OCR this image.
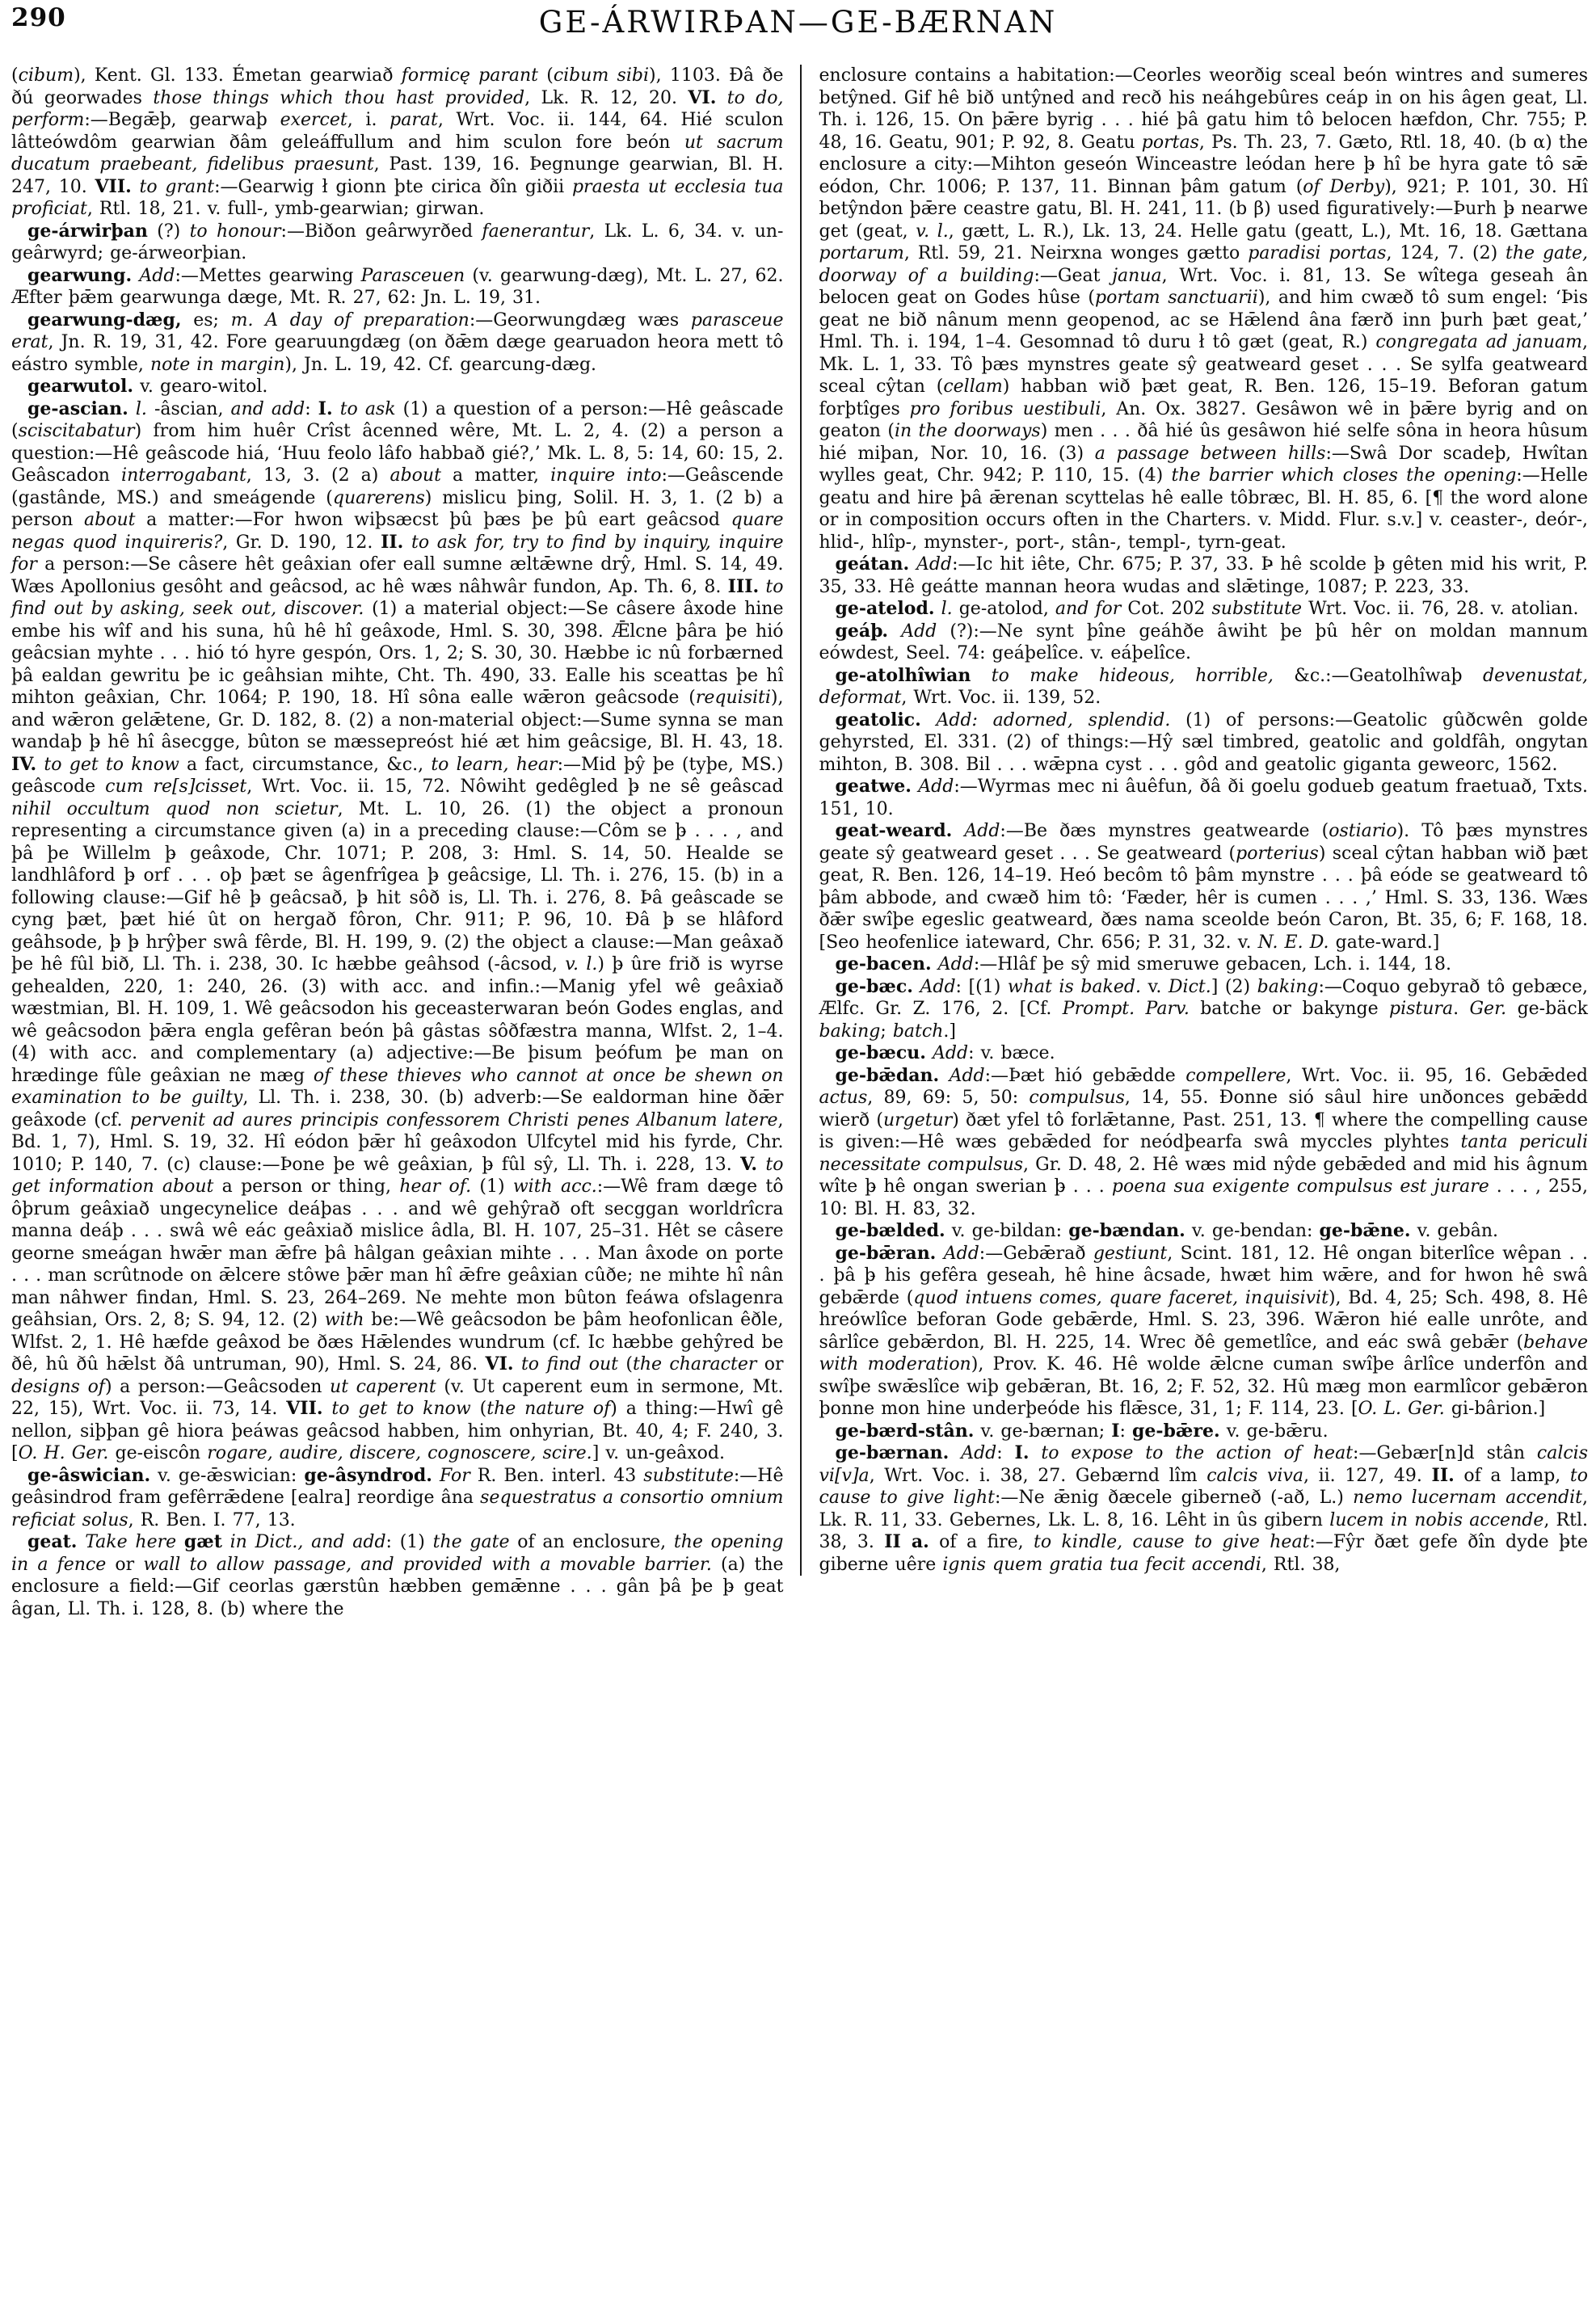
290	GE-ÁRWIRÞAN—GE-BÆRNAN

(cibum), Kent. Gl. 133. Émetan gearwiað formicę parant (cibum sibi), 1103. Ðâ ðe ðú georwades those things which thou hast provided, Lk. R. 12, 20. VI. to do, perform:—Begǣþ, gearwaþ exercet, i. parat, Wrt. Voc. ii. 144, 64. Hié sculon lâtteówdôm gearwian ðâm geleáffullum and him sculon fore beón ut sacrum ducatum praebeant, fidelibus praesunt, Past. 139, 16. Þegnunge gearwian, Bl. H. 247, 10. VII. to grant:—Gearwig ł gionn þte cirica ðîn giðii praesta ut ecclesia tua proficiat, Rtl. 18, 21. v. full-, ymb-gearwian; girwan.

ge-árwirþan (?) to honour:—Biðon geârwyrðed faenerantur, Lk. L. 6, 34. v. un-geârwyrd; ge-árweorþian.

gearwung. Add:—Mettes gearwing Parasceuen (v. gearwung-dæg), Mt. L. 27, 62. Æfter þǣm gearwunga dæge, Mt. R. 27, 62: Jn. L. 19, 31.

gearwung-dæg, es; m. A day of preparation:—Georwungdæg wæs parasceue erat, Jn. R. 19, 31, 42. Fore gearuungdæg (on ðǣm dæge gearuadon heora mett tô eástro symble, note in margin), Jn. L. 19, 42. Cf. gearcung-dæg.

gearwutol. v. gearo-witol.

ge-ascian. l. -âscian, and add: I. to ask (1) a question of a person:—Hê geâscade (sciscitabatur) from him huêr Crîst âcenned wêre, Mt. L. 2, 4. (2) a person a question:—Hê geâscode hiá, ‘Huu feolo lâfo habbað gié?,’ Mk. L. 8, 5: 14, 60: 15, 2. Geâscadon interrogabant, 13, 3. (2 a) about a matter, inquire into:—Geâscende (gastânde, MS.) and smeágende (quarerens) mislicu þing, Solil. H. 3, 1. (2 b) a person about a matter:—For hwon wiþsæcst þû þæs þe þû eart geâcsod quare negas quod inquireris?, Gr. D. 190, 12. II. to ask for, try to find by inquiry, inquire for a person:—Se câsere hêt geâxian ofer eall sumne æltǣwne drŷ, Hml. S. 14, 49. Wæs Apollonius gesôht and geâcsod, ac hê wæs nâhwâr fundon, Ap. Th. 6, 8. III. to find out by asking, seek out, discover. (1) a material object:—Se câsere âxode hine embe his wîf and his suna, hû hê hî geâxode, Hml. S. 30, 398. Ǣlcne þâra þe hió geâcsian myhte . . . hió tó hyre gespón, Ors. 1, 2; S. 30, 30. Hæbbe ic nû forbærned þâ ealdan gewritu þe ic geâhsian mihte, Cht. Th. 490, 33. Ealle his sceattas þe hî mihton geâxian, Chr. 1064; P. 190, 18. Hî sôna ealle wǣron geâcsode (requisiti), and wǣron gelǣtene, Gr. D. 182, 8. (2) a non-material object:—Sume synna se man wandaþ þ̵ hê hî âsecgge, bûton se mæssepreóst hié æt him geâcsige, Bl. H. 43, 18. IV. to get to know a fact, circumstance, &c., to learn, hear:—Mid þŷ þe (tyþe, MS.) geâscode cum re[s]cisset, Wrt. Voc. ii. 15, 72. Nôwiht gedêgled þ̵ ne sê geâscad nihil occultum quod non scietur, Mt. L. 10, 26. (1) the object a pronoun representing a circumstance given (a) in a preceding clause:—Côm se þ̵ . . . , and þâ þe Willelm þ̵ geâxode, Chr. 1071; P. 208, 3: Hml. S. 14, 50. Healde se landhlâford þ̵ orf . . . oþ þæt se âgenfrîgea þ̵ geâcsige, Ll. Th. i. 276, 15. (b) in a following clause:—Gif hê þ̵ geâcsað, þ̵ hit sôð is, Ll. Th. i. 276, 8. Þâ geâscade se cyng þæt, þæt hié ût on hergað fôron, Chr. 911; P. 96, 10. Ðâ þ̵ se hlâford geâhsode, þ̵ þ̵ hrŷþer swâ fêrde, Bl. H. 199, 9. (2) the object a clause:—Man geâxað þe hê fûl bið, Ll. Th. i. 238, 30. Ic hæbbe geâhsod (-âcsod, v. l.) þ̵ ûre frið is wyrse gehealden, 220, 1: 240, 26. (3) with acc. and infin.:—Manig yfel wê geâxiað wæstmian, Bl. H. 109, 1. Wê geâcsodon his geceasterwaran beón Godes englas, and wê geâcsodon þǣra engla gefêran beón þâ gâstas sôðfæstra manna, Wlfst. 2, 1–4. (4) with acc. and complementary (a) adjective:—Be þisum þeófum þe man on hrædinge fûle geâxian ne mæg of these thieves who cannot at once be shewn on examination to be guilty, Ll. Th. i. 238, 30. (b) adverb:—Se ealdorman hine ðǣr geâxode (cf. pervenit ad aures principis confessorem Christi penes Albanum latere, Bd. 1, 7), Hml. S. 19, 32. Hî eódon þǣr hî geâxodon Ulfcytel mid his fyrde, Chr. 1010; P. 140, 7. (c) clause:—Þone þe wê geâxian, þ̵ fûl sŷ, Ll. Th. i. 228, 13. V. to get information about a person or thing, hear of. (1) with acc.:—Wê fram dæge tô ôþrum geâxiað ungecynelice deáþas . . . and wê gehŷrað oft secggan worldrîcra manna deáþ . . . swâ wê eác geâxiað mislice âdla, Bl. H. 107, 25–31. Hêt se câsere georne smeágan hwǣr man ǣfre þâ hâlgan geâxian mihte . . . Man âxode on porte . . . man scrûtnode on ǣlcere stôwe þǣr man hî ǣfre geâxian cûðe; ne mihte hî nân man nâhwer findan, Hml. S. 23, 264–269. Ne mehte mon bûton feáwa ofslagenra geâhsian, Ors. 2, 8; S. 94, 12. (2) with be:—Wê geâcsodon be þâm heofonlican êðle, Wlfst. 2, 1. Hê hæfde geâxod be ðæs Hǣlendes wundrum (cf. Ic hæbbe gehŷred be ðê, hû ðû hǣlst ðâ untruman, 90), Hml. S. 24, 86. VI. to find out (the character or designs of) a person:—Geâcsoden ut caperent (v. Ut caperent eum in sermone, Mt. 22, 15), Wrt. Voc. ii. 73, 14. VII. to get to know (the nature of) a thing:—Hwî gê nellon, siþþan gê hiora þeáwas geâcsod habben, him onhyrian, Bt. 40, 4; F. 240, 3. [O. H. Ger. ge-eiscôn rogare, audire, discere, cognoscere, scire.] v. un-geâxod.

ge-âswician. v. ge-ǣswician: ge-âsyndrod. For R. Ben. interl. 43 substitute:—Hê geâsindrod fram gefêrrǣdene [ealra] reordige âna sequestratus a consortio omnium reficiat solus, R. Ben. I. 77, 13.

geat. Take here gæt in Dict., and add: (1) the gate of an enclosure, the opening in a fence or wall to allow passage, and provided with a movable barrier. (a) the enclosure a field:—Gif ceorlas gærstûn hæbben gemǣnne . . . gân þâ þe þ̵ geat âgan, Ll. Th. i. 128, 8. (b) where the

enclosure contains a habitation:—Ceorles weorðig sceal beón wintres and sumeres betŷned. Gif hê bið untŷned and recð his neáhgebûres ceáp in on his âgen geat, Ll. Th. i. 126, 15. On þǣre byrig . . . hié þâ gatu him tô belocen hæfdon, Chr. 755; P. 48, 16. Geatu, 901; P. 92, 8. Geatu portas, Ps. Th. 23, 7. Gæto, Rtl. 18, 40. (b α) the enclosure a city:—Mihton geseón Winceastre leódan here þ̵ hî be hyra gate tô sǣ eódon, Chr. 1006; P. 137, 11. Binnan þâm gatum (of Derby), 921; P. 101, 30. Hî betŷndon þǣre ceastre gatu, Bl. H. 241, 11. (b β) used figuratively:—Þurh þ̵ nearwe get (geat, v. l., gætt, L. R.), Lk. 13, 24. Helle gatu (geatt, L.), Mt. 16, 18. Gættana portarum, Rtl. 59, 21. Neirxna wonges gætto paradisi portas, 124, 7. (2) the gate, doorway of a building:—Geat janua, Wrt. Voc. i. 81, 13. Se wîtega geseah ân belocen geat on Godes hûse (portam sanctuarii), and him cwæð tô sum engel: ‘Þis geat ne bið nânum menn geopenod, ac se Hǣlend âna færð inn þurh þæt geat,’ Hml. Th. i. 194, 1–4. Gesomnad tô duru ł tô gæt (geat, R.) congregata ad januam, Mk. L. 1, 33. Tô þæs mynstres geate sŷ geatweard geset . . . Se sylfa geatweard sceal cŷtan (cellam) habban wið þæt geat, R. Ben. 126, 15–19. Beforan gatum forþtîges pro foribus uestibuli, An. Ox. 3827. Gesâwon wê in þǣre byrig and on geaton (in the doorways) men . . . ðâ hié ûs gesâwon hié selfe sôna in heora hûsum hié miþan, Nor. 10, 16. (3) a passage between hills:—Swâ Dor scadeþ, Hwîtan wylles geat, Chr. 942; P. 110, 15. (4) the barrier which closes the opening:—Helle geatu and hire þâ ǣrenan scyttelas hê ealle tôbræc, Bl. H. 85, 6. [¶ the word alone or in composition occurs often in the Charters. v. Midd. Flur. s.v.] v. ceaster-, deór-, hlid-, hlîp-, mynster-, port-, stân-, templ-, tyrn-geat.

geátan. Add:—Ic hit iête, Chr. 675; P. 37, 33. Þ̵ hê scolde þ̵ gêten mid his writ, P. 35, 33. Hê geátte mannan heora wudas and slǣtinge, 1087; P. 223, 33.

ge-atelod. l. ge-atolod, and for Cot. 202 substitute Wrt. Voc. ii. 76, 28. v. atolian.

geáþ. Add (?):—Ne synt þîne geáhðe âwiht þe þû hêr on moldan mannum eówdest, Seel. 74: geáþelîce. v. eáþelîce.

ge-atolhîwian to make hideous, horrible, &c.:—Geatolhîwaþ devenustat, deformat, Wrt. Voc. ii. 139, 52.

geatolic. Add: adorned, splendid. (1) of persons:—Geatolic gûðcwên golde gehyrsted, El. 331. (2) of things:—Hŷ sæl timbred, geatolic and goldfâh, ongytan mihton, B. 308. Bil . . . wǣpna cyst . . . gôd and geatolic giganta geweorc, 1562.

geatwe. Add:—Wyrmas mec ni âuêfun, ðâ ði goelu godueb geatum fraetuað, Txts. 151, 10.

geat-weard. Add:—Be ðæs mynstres geatwearde (ostiario). Tô þæs mynstres geate sŷ geatweard geset . . . Se geatweard (porterius) sceal cŷtan habban wið þæt geat, R. Ben. 126, 14–19. Heó becôm tô þâm mynstre . . . þâ eóde se geatweard tô þâm abbode, and cwæð him tô: ‘Fæder, hêr is cumen . . . ,’ Hml. S. 33, 136. Wæs ðǣr swîþe egeslic geatweard, ðæs nama sceolde beón Caron, Bt. 35, 6; F. 168, 18. [Seo heofenlice iateward, Chr. 656; P. 31, 32. v. N. E. D. gate-ward.]

ge-bacen. Add:—Hlâf þe sŷ mid smeruwe gebacen, Lch. i. 144, 18.

ge-bæc. Add: [(1) what is baked. v. Dict.] (2) baking:—Coquo gebyrað tô gebæce, Ælfc. Gr. Z. 176, 2. [Cf. Prompt. Parv. batche or bakynge pistura. Ger. ge-bäck baking; batch.]

ge-bæcu. Add: v. bæce.

ge-bǣdan. Add:—Þæt hió gebǣdde compellere, Wrt. Voc. ii. 95, 16. Gebǣded actus, 89, 69: 5, 50: compulsus, 14, 55. Ðonne sió sâul hire unðonces gebǣdd wierð (urgetur) ðæt yfel tô forlǣtanne, Past. 251, 13. ¶ where the compelling cause is given:—Hê wæs gebǣded for neódþearfa swâ myccles plyhtes tanta periculi necessitate compulsus, Gr. D. 48, 2. Hê wæs mid nŷde gebǣded and mid his âgnum wîte þ̵ hê ongan swerian þ̵ . . . poena sua exigente compulsus est jurare . . . , 255, 10: Bl. H. 83, 32.

ge-bælded. v. ge-bildan: ge-bændan. v. ge-bendan: ge-bǣne. v. gebân.

ge-bǣran. Add:—Gebǣrað gestiunt, Scint. 181, 12. Hê ongan biterlîce wêpan . . . þâ þ̵ his gefêra geseah, hê hine âcsade, hwæt him wǣre, and for hwon hê swâ gebǣrde (quod intuens comes, quare faceret, inquisivit), Bd. 4, 25; Sch. 498, 8. Hê hreówlîce beforan Gode gebǣrde, Hml. S. 23, 396. Wǣron hié ealle unrôte, and sârlîce gebǣrdon, Bl. H. 225, 14. Wrec ðê gemetlîce, and eác swâ gebǣr (behave with moderation), Prov. K. 46. Hê wolde ǣlcne cuman swîþe ârlîce underfôn and swîþe swǣslîce wiþ gebǣran, Bt. 16, 2; F. 52, 32. Hû mæg mon earmlîcor gebǣron þonne mon hine underþeóde his flǣsce, 31, 1; F. 114, 23. [O. L. Ger. gi-bârion.]

ge-bærd-stân. v. ge-bærnan; I: ge-bǣre. v. ge-bǣru.

ge-bærnan. Add: I. to expose to the action of heat:—Gebær[n]d stân calcis vi[v]a, Wrt. Voc. i. 38, 27. Gebærnd lîm calcis viva, ii. 127, 49. II. of a lamp, to cause to give light:—Ne ǣnig ðæcele giberneð (-að, L.) nemo lucernam accendit, Lk. R. 11, 33. Gebernes, Lk. L. 8, 16. Lêht in ûs gibern lucem in nobis accende, Rtl. 38, 3. II a. of a fire, to kindle, cause to give heat:—Fŷr ðæt gefe ðîn dyde þ̵te giberne uêre ignis quem gratia tua fecit accendi, Rtl. 38,
